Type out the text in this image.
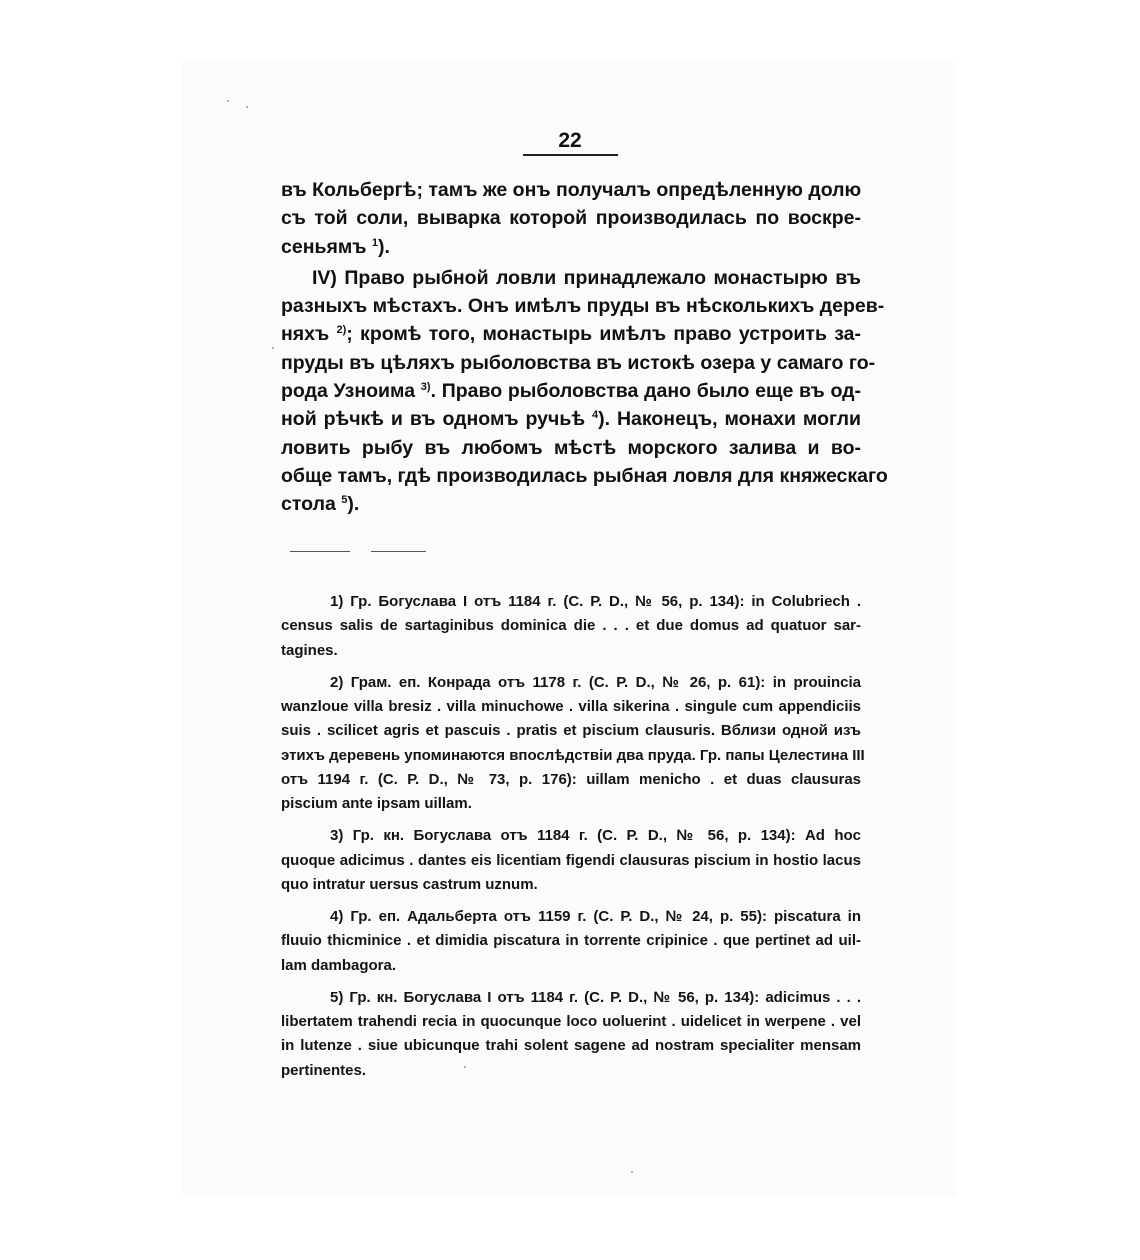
22
въ Кольбергѣ; тамъ же онъ получалъ опредѣленную долю
съ той соли, выварка которой производилась по воскре-
сеньямъ $^1$).
IV) Право рыбной ловли принадлежало монастырю въ
разныхъ мѣстахъ. Онъ имѣлъ пруды въ нѣсколькихъ дерев-
няхъ $^{2)}$; кромѣ того, монастырь имѣлъ право устроить за-
пруды въ цѣляхъ рыболовства въ истокѣ озера у самаго го-
рода Узноима $^{3)}$. Право рыболовства дано было еще въ од-
ной рѣчкѣ и въ одномъ ручьѣ $^4$). Наконецъ, монахи могли
ловить рыбу въ любомъ мѣстѣ морского залива и во-
обще тамъ, гдѣ производилась рыбная ловля для княжескаго
стола $^5$).
1) Гр. Богуслава I отъ 1184 г. (С. Р. D., № 56, p. 134): in Colubriech .
census salis de sartaginibus dominica die . . . et due domus ad quatuor sar-
tagines.
2) Грам. еп. Конрада отъ 1178 г. (С. Р. D., № 26, p. 61): in prouincia
wanzloue villa bresiz . villa minuchowe . villa sikerina . singule cum appendiciis
suis . scilicet agris et pascuis . pratis et piscium clausuris. Вблизи одной изъ
этихъ деревень упоминаются впослѣдствіи два пруда. Гр. папы Целестина III
отъ 1194 г. (С. Р. D., № 73, p. 176): uillam menicho . et duas clausuras
piscium ante ipsam uillam.
3) Гр. кн. Богуслава отъ 1184 г. (С. Р. D., № 56, p. 134): Ad hoc
quoque adicimus . dantes eis licentiam figendi clausuras piscium in hostio lacus
quo intratur uersus castrum uznum.
4) Гр. еп. Адальберта отъ 1159 г. (С. Р. D., № 24, p. 55): piscatura in
fluuio thicminice . et dimidia piscatura in torrente cripinice . que pertinet ad uil-
lam dambagora.
5) Гр. кн. Богуслава I отъ 1184 г. (С. Р. D., № 56, p. 134): adicimus . . .
libertatem trahendi recia in quocunque loco uoluerint . uidelicet in werpene . vel
in lutenze . siue ubicunque trahi solent sagene ad nostram specialiter mensam
pertinentes.
